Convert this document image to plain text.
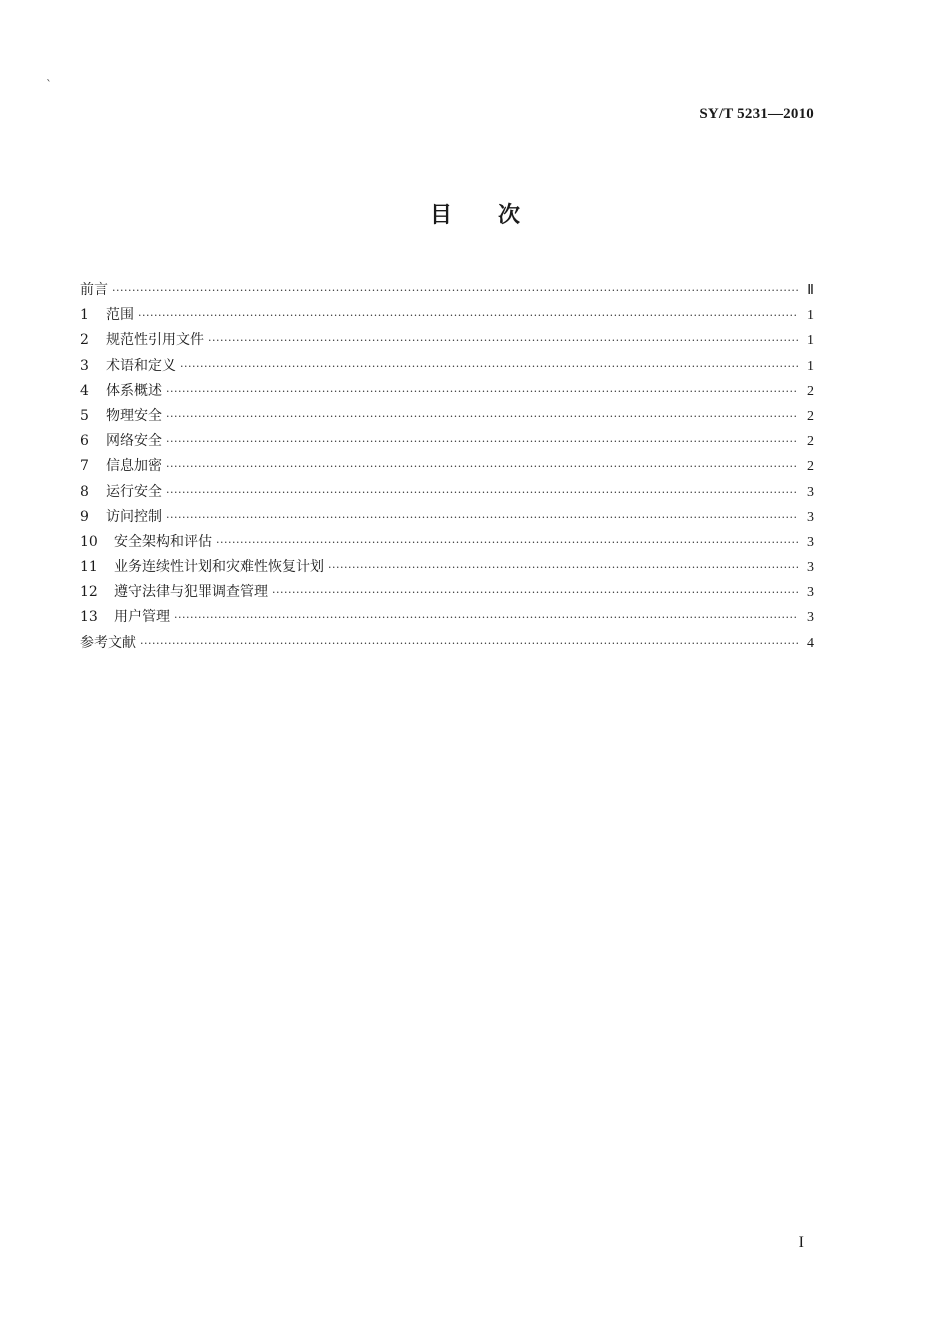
`
SY/T 5231—2010
目次
前言 ·····	Ⅱ
1	范围 ·····	1
2	规范性引用文件 ·····	1
3	术语和定义 ·····	1
4	体系概述 ·····	2
5	物理安全 ·····	2
6	网络安全 ·····	2
7	信息加密 ·····	2
8	运行安全 ·····	3
9	访问控制 ·····	3
10	安全架构和评估 ·····	3
11	业务连续性计划和灾难性恢复计划 ·····	3
12	遵守法律与犯罪调查管理 ·····	3
13	用户管理 ·····	3
参考文献 ·····	4
I
